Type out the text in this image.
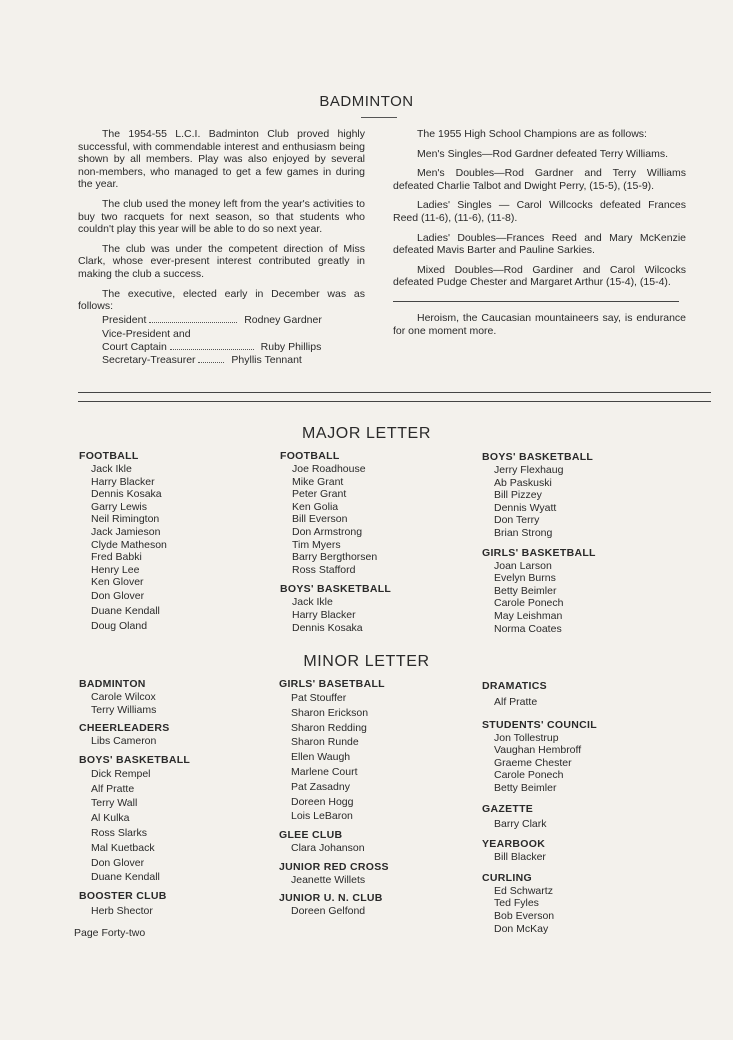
BADMINTON

The 1954-55 L.C.I. Badminton Club proved highly successful, with commendable interest and enthusiasm being shown by all members. Play was also enjoyed by several non-members, who managed to get a few games in during the year.

The club used the money left from the year's activities to buy two racquets for next season, so that students who couldn't play this year will be able to do so next year.

The club was under the competent direction of Miss Clark, whose ever-present interest contributed greatly in making the club a success.

The executive, elected early in December was as follows:

President	Rodney Gardner
Vice-President and
Court Captain	Ruby Phillips
Secretary-Treasurer	Phyllis Tennant

The 1955 High School Champions are as follows:

Men's Singles—Rod Gardner defeated Terry Williams.

Men's Doubles—Rod Gardner and Terry Williams defeated Charlie Talbot and Dwight Perry, (15-5), (15-9).

Ladies' Singles — Carol Willcocks defeated Frances Reed (11-6), (11-6), (11-8).

Ladies' Doubles—Frances Reed and Mary McKenzie defeated Mavis Barter and Pauline Sarkies.

Mixed Doubles—Rod Gardiner and Carol Wilcocks defeated Pudge Chester and Margaret Arthur (15-4), (15-4).

Heroism, the Caucasian mountaineers say, is endurance for one moment more.

MAJOR LETTER
FOOTBALL
Jack Ikle
Harry Blacker
Dennis Kosaka
Garry Lewis
Neil Rimington
Jack Jamieson
Clyde Matheson
Fred Babki
Henry Lee
Ken Glover
Don Glover
Duane Kendall
Doug Oland
FOOTBALL
Joe Roadhouse
Mike Grant
Peter Grant
Ken Golia
Bill Everson
Don Armstrong
Tim Myers
Barry Bergthorsen
Ross Stafford
BOYS' BASKETBALL
Jack Ikle
Harry Blacker
Dennis Kosaka
BOYS' BASKETBALL
Jerry Flexhaug
Ab Paskuski
Bill Pizzey
Dennis Wyatt
Don Terry
Brian Strong
GIRLS' BASKETBALL
Joan Larson
Evelyn Burns
Betty Beimler
Carole Ponech
May Leishman
Norma Coates
MINOR LETTER
BADMINTON
Carole Wilcox
Terry Williams
CHEERLEADERS
Libs Cameron
BOYS' BASKETBALL
Dick Rempel
Alf Pratte
Terry Wall
Al Kulka
Ross Slarks
Mal Kuetback
Don Glover
Duane Kendall
BOOSTER CLUB
Herb Shector
GIRLS' BASETBALL
Pat Stouffer
Sharon Erickson
Sharon Redding
Sharon Runde
Ellen Waugh
Marlene Court
Pat Zasadny
Doreen Hogg
Lois LeBaron
GLEE CLUB
Clara Johanson
JUNIOR RED CROSS
Jeanette Willets
JUNIOR U. N. CLUB
Doreen Gelfond
DRAMATICS
Alf Pratte
STUDENTS' COUNCIL
Jon Tollestrup
Vaughan Hembroff
Graeme Chester
Carole Ponech
Betty Beimler
GAZETTE
Barry Clark
YEARBOOK
Bill Blacker
CURLING
Ed Schwartz
Ted Fyles
Bob Everson
Don McKay
Page Forty-two
